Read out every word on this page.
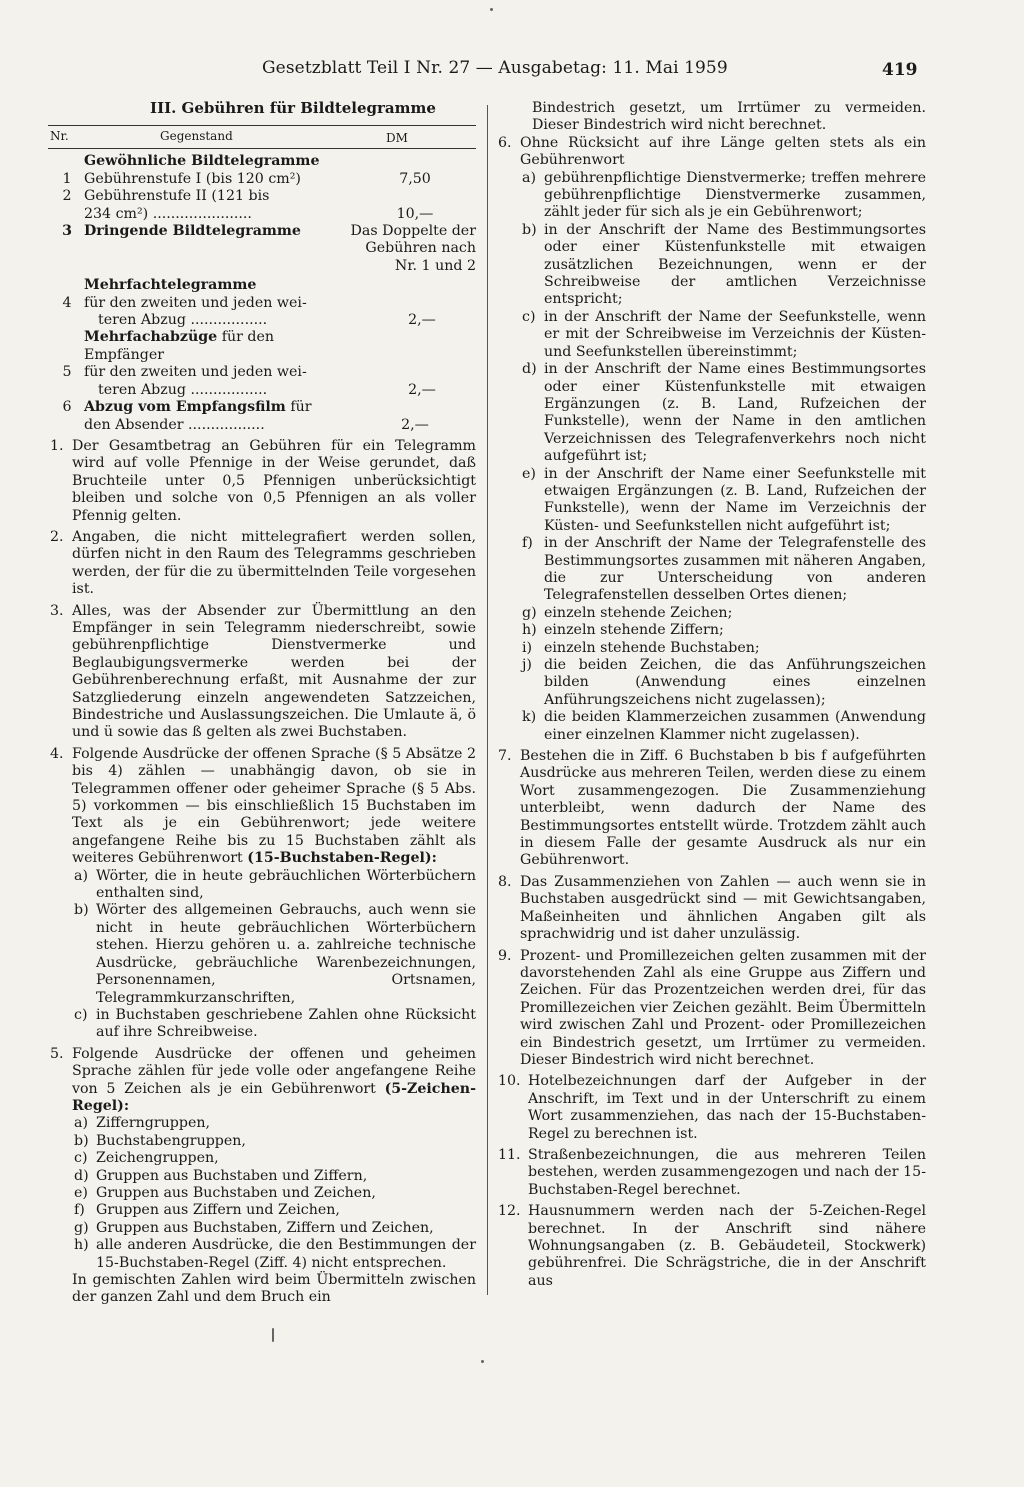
Gesetzblatt Teil I Nr. 27 — Ausgabetag: 11. Mai 1959	419
III. Gebühren für Bildtelegramme
Nr.	Gegenstand	DM
Gewöhnliche Bildtelegramme
1 Gebührenstufe I (bis 120 cm²)	7,50
2 Gebührenstufe II (121 bis
234 cm²) ......................	10,—
3 Dringende Bildtelegramme	Das Doppelte der
Gebühren nach
Nr. 1 und 2
Mehrfachtelegramme
4 für den zweiten und jeden wei-
teren Abzug .................	2,—
Mehrfachabzüge für den Empfänger
5 für den zweiten und jeden wei-
teren Abzug .................	2,—
6 Abzug vom Empfangsfilm für
den Absender .................	2,—
1. Der Gesamtbetrag an Gebühren für ein Telegramm wird auf volle Pfennige in der Weise gerundet, daß Bruchteile unter 0,5 Pfennigen unberücksichtigt bleiben und solche von 0,5 Pfennigen an als voller Pfennig gelten.
2. Angaben, die nicht mittelegrafiert werden sollen, dürfen nicht in den Raum des Telegramms geschrieben werden, der für die zu übermittelnden Teile vorgesehen ist.
3. Alles, was der Absender zur Übermittlung an den Empfänger in sein Telegramm niederschreibt, sowie gebührenpflichtige Dienstvermerke und Beglaubigungsvermerke werden bei der Gebührenberechnung erfaßt, mit Ausnahme der zur Satzgliederung einzeln angewendeten Satzzeichen, Bindestriche und Auslassungszeichen. Die Umlaute ä, ö und ü sowie das ß gelten als zwei Buchstaben.
4. Folgende Ausdrücke der offenen Sprache (§ 5 Absätze 2 bis 4) zählen — unabhängig davon, ob sie in Telegrammen offener oder geheimer Sprache (§ 5 Abs. 5) vorkommen — bis einschließlich 15 Buchstaben im Text als je ein Gebührenwort; jede weitere angefangene Reihe bis zu 15 Buchstaben zählt als weiteres Gebührenwort (15-Buchstaben-Regel):
a) Wörter, die in heute gebräuchlichen Wörterbüchern enthalten sind,
b) Wörter des allgemeinen Gebrauchs, auch wenn sie nicht in heute gebräuchlichen Wörterbüchern stehen. Hierzu gehören u. a. zahlreiche technische Ausdrücke, gebräuchliche Warenbezeichnungen, Personennamen, Ortsnamen, Telegrammkurzanschriften,
c) in Buchstaben geschriebene Zahlen ohne Rücksicht auf ihre Schreibweise.
5. Folgende Ausdrücke der offenen und geheimen Sprache zählen für jede volle oder angefangene Reihe von 5 Zeichen als je ein Gebührenwort (5-Zeichen-Regel):
a) Zifferngruppen,
b) Buchstabengruppen,
c) Zeichengruppen,
d) Gruppen aus Buchstaben und Ziffern,
e) Gruppen aus Buchstaben und Zeichen,
f) Gruppen aus Ziffern und Zeichen,
g) Gruppen aus Buchstaben, Ziffern und Zeichen,
h) alle anderen Ausdrücke, die den Bestimmungen der 15-Buchstaben-Regel (Ziff. 4) nicht entsprechen.
In gemischten Zahlen wird beim Übermitteln zwischen der ganzen Zahl und dem Bruch ein
Bindestrich gesetzt, um Irrtümer zu vermeiden. Dieser Bindestrich wird nicht berechnet.
6. Ohne Rücksicht auf ihre Länge gelten stets als ein Gebührenwort
a) gebührenpflichtige Dienstvermerke; treffen mehrere gebührenpflichtige Dienstvermerke zusammen, zählt jeder für sich als je ein Gebührenwort;
b) in der Anschrift der Name des Bestimmungsortes oder einer Küstenfunkstelle mit etwaigen zusätzlichen Bezeichnungen, wenn er der Schreibweise der amtlichen Verzeichnisse entspricht;
c) in der Anschrift der Name der Seefunkstelle, wenn er mit der Schreibweise im Verzeichnis der Küsten- und Seefunkstellen übereinstimmt;
d) in der Anschrift der Name eines Bestimmungsortes oder einer Küstenfunkstelle mit etwaigen Ergänzungen (z. B. Land, Rufzeichen der Funkstelle), wenn der Name in den amtlichen Verzeichnissen des Telegrafenverkehrs noch nicht aufgeführt ist;
e) in der Anschrift der Name einer Seefunkstelle mit etwaigen Ergänzungen (z. B. Land, Rufzeichen der Funkstelle), wenn der Name im Verzeichnis der Küsten- und Seefunkstellen nicht aufgeführt ist;
f) in der Anschrift der Name der Telegrafenstelle des Bestimmungsortes zusammen mit näheren Angaben, die zur Unterscheidung von anderen Telegrafenstellen desselben Ortes dienen;
g) einzeln stehende Zeichen;
h) einzeln stehende Ziffern;
i) einzeln stehende Buchstaben;
j) die beiden Zeichen, die das Anführungszeichen bilden (Anwendung eines einzelnen Anführungszeichens nicht zugelassen);
k) die beiden Klammerzeichen zusammen (Anwendung einer einzelnen Klammer nicht zugelassen).
7. Bestehen die in Ziff. 6 Buchstaben b bis f aufgeführten Ausdrücke aus mehreren Teilen, werden diese zu einem Wort zusammengezogen. Die Zusammenziehung unterbleibt, wenn dadurch der Name des Bestimmungsortes entstellt würde. Trotzdem zählt auch in diesem Falle der gesamte Ausdruck als nur ein Gebührenwort.
8. Das Zusammenziehen von Zahlen — auch wenn sie in Buchstaben ausgedrückt sind — mit Gewichtsangaben, Maßeinheiten und ähnlichen Angaben gilt als sprachwidrig und ist daher unzulässig.
9. Prozent- und Promillezeichen gelten zusammen mit der davorstehenden Zahl als eine Gruppe aus Ziffern und Zeichen. Für das Prozentzeichen werden drei, für das Promillezeichen vier Zeichen gezählt. Beim Übermitteln wird zwischen Zahl und Prozent- oder Promillezeichen ein Bindestrich gesetzt, um Irrtümer zu vermeiden. Dieser Bindestrich wird nicht berechnet.
10. Hotelbezeichnungen darf der Aufgeber in der Anschrift, im Text und in der Unterschrift zu einem Wort zusammenziehen, das nach der 15-Buchstaben-Regel zu berechnen ist.
11. Straßenbezeichnungen, die aus mehreren Teilen bestehen, werden zusammengezogen und nach der 15-Buchstaben-Regel berechnet.
12. Hausnummern werden nach der 5-Zeichen-Regel berechnet. In der Anschrift sind nähere Wohnungsangaben (z. B. Gebäudeteil, Stockwerk) gebührenfrei. Die Schrägstriche, die in der Anschrift aus
